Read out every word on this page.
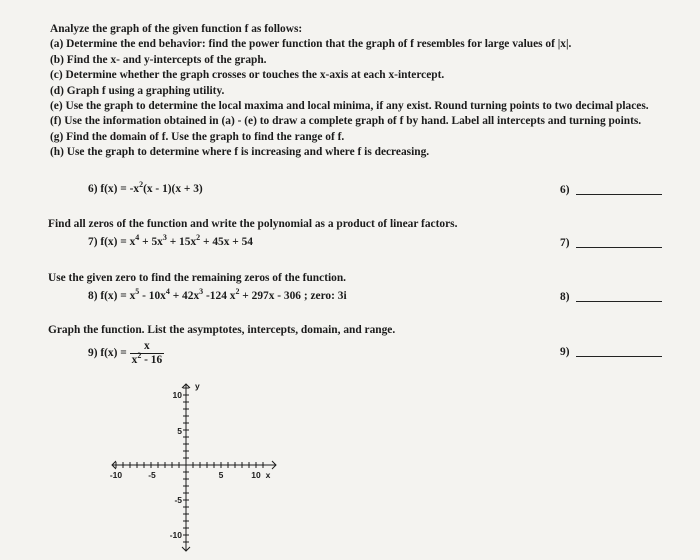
Analyze the graph of the given function f as follows:

(a) Determine the end behavior: find the power function that the graph of f resembles for large values of |x|.

(b) Find the x- and y-intercepts of the graph.

(c) Determine whether the graph crosses or touches the x-axis at each x-intercept.

(d) Graph f using a graphing utility.

(e) Use the graph to determine the local maxima and local minima, if any exist. Round turning points to two decimal places.

(f) Use the information obtained in (a) - (e) to draw a complete graph of f by hand. Label all intercepts and turning points.

(g) Find the domain of f. Use the graph to find the range of f.

(h) Use the graph to determine where f is increasing and where f is decreasing.

6) $f(x) = -x^2(x - 1)(x + 3)$	6)
Find all zeros of the function and write the polynomial as a product of linear factors.
7) $f(x) = x^4 + 5x^3 + 15x^2 + 45x + 54$	7)
Use the given zero to find the remaining zeros of the function.
8) $f(x) = x^5 - 10x^4 + 42x^3$ -124 $x^2 + 297x - 306$ ; zero: 3i	8)
Graph the function. List the asymptotes, intercepts, domain, and range.
9) $f(x) = \frac{x}{x^2 - 16}$	9)
-10	-5	5	10 x
10
5
-5
-10
y
